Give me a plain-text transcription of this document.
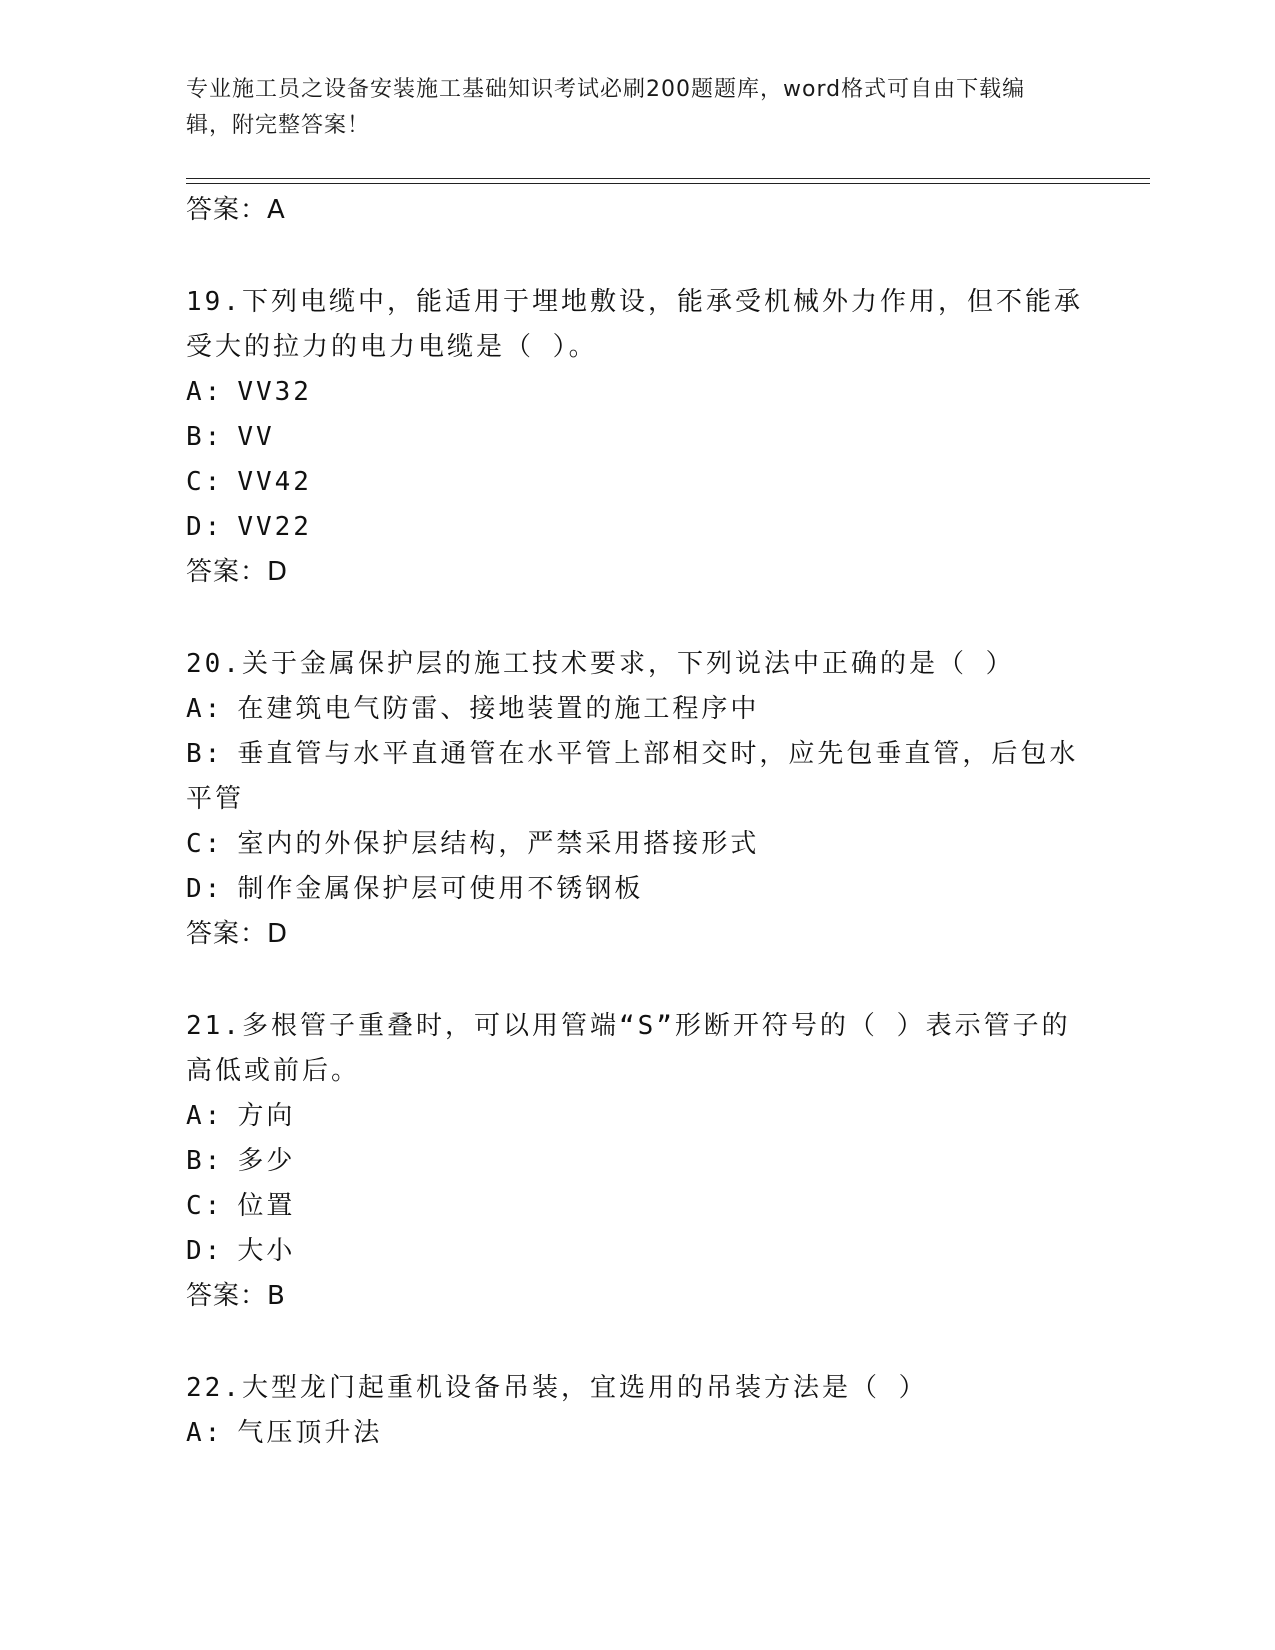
专业施工员之设备安装施工基础知识考试必刷200题题库，word格式可自由下载编辑，附完整答案！
答案：A
19.下列电缆中，能适用于埋地敷设，能承受机械外力作用，但不能承受大的拉力的电力电缆是（ ）。
A: VV32
B: VV
C: VV42
D: VV22
答案：D
20.关于金属保护层的施工技术要求，下列说法中正确的是（ ）
A: 在建筑电气防雷、接地装置的施工程序中
B: 垂直管与水平直通管在水平管上部相交时，应先包垂直管，后包水平管
C: 室内的外保护层结构，严禁采用搭接形式
D: 制作金属保护层可使用不锈钢板
答案：D
21.多根管子重叠时，可以用管端“S”形断开符号的（ ）表示管子的高低或前后。
A: 方向
B: 多少
C: 位置
D: 大小
答案：B
22.大型龙门起重机设备吊装，宜选用的吊装方法是（ ）
A: 气压顶升法
